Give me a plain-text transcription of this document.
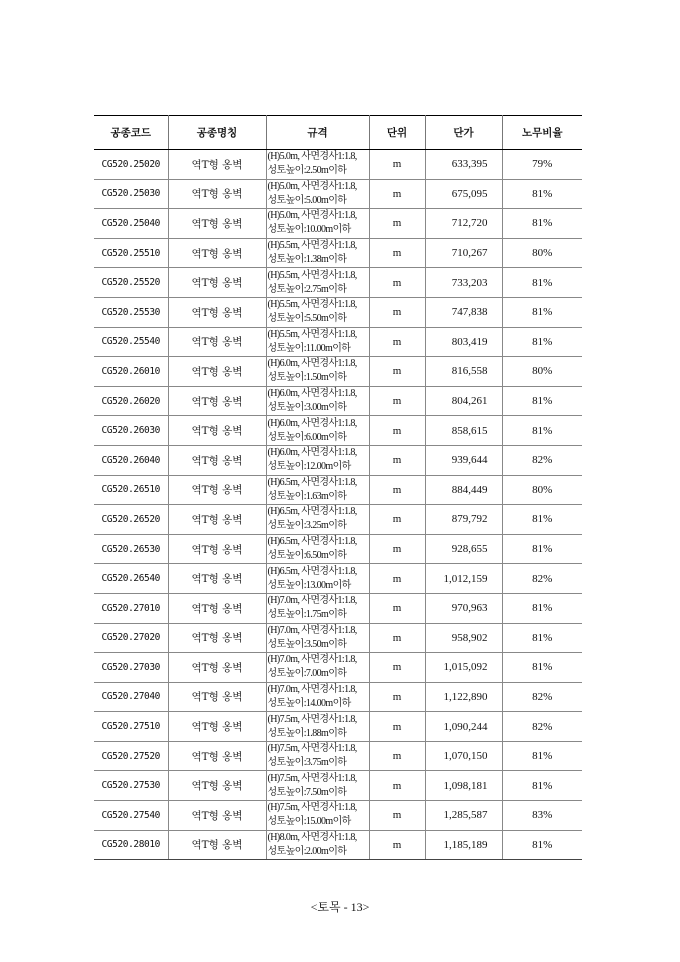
공종코드	공종명칭	규격	단위	단가	노무비율
CG520.25020	역T형 옹벽	(H)5.0m, 사면경사1:1.8,
성토높이:2.50m이하	m	633,395	79%
CG520.25030	역T형 옹벽	(H)5.0m, 사면경사1:1.8,
성토높이:5.00m이하	m	675,095	81%
CG520.25040	역T형 옹벽	(H)5.0m, 사면경사1:1.8,
성토높이:10.00m이하	m	712,720	81%
CG520.25510	역T형 옹벽	(H)5.5m, 사면경사1:1.8,
성토높이:1.38m이하	m	710,267	80%
CG520.25520	역T형 옹벽	(H)5.5m, 사면경사1:1.8,
성토높이:2.75m이하	m	733,203	81%
CG520.25530	역T형 옹벽	(H)5.5m, 사면경사1:1.8,
성토높이:5.50m이하	m	747,838	81%
CG520.25540	역T형 옹벽	(H)5.5m, 사면경사1:1.8,
성토높이:11.00m이하	m	803,419	81%
CG520.26010	역T형 옹벽	(H)6.0m, 사면경사1:1.8,
성토높이:1.50m이하	m	816,558	80%
CG520.26020	역T형 옹벽	(H)6.0m, 사면경사1:1.8,
성토높이:3.00m이하	m	804,261	81%
CG520.26030	역T형 옹벽	(H)6.0m, 사면경사1:1.8,
성토높이:6.00m이하	m	858,615	81%
CG520.26040	역T형 옹벽	(H)6.0m, 사면경사1:1.8,
성토높이:12.00m이하	m	939,644	82%
CG520.26510	역T형 옹벽	(H)6.5m, 사면경사1:1.8,
성토높이:1.63m이하	m	884,449	80%
CG520.26520	역T형 옹벽	(H)6.5m, 사면경사1:1.8,
성토높이:3.25m이하	m	879,792	81%
CG520.26530	역T형 옹벽	(H)6.5m, 사면경사1:1.8,
성토높이:6.50m이하	m	928,655	81%
CG520.26540	역T형 옹벽	(H)6.5m, 사면경사1:1.8,
성토높이:13.00m이하	m	1,012,159	82%
CG520.27010	역T형 옹벽	(H)7.0m, 사면경사1:1.8,
성토높이:1.75m이하	m	970,963	81%
CG520.27020	역T형 옹벽	(H)7.0m, 사면경사1:1.8,
성토높이:3.50m이하	m	958,902	81%
CG520.27030	역T형 옹벽	(H)7.0m, 사면경사1:1.8,
성토높이:7.00m이하	m	1,015,092	81%
CG520.27040	역T형 옹벽	(H)7.0m, 사면경사1:1.8,
성토높이:14.00m이하	m	1,122,890	82%
CG520.27510	역T형 옹벽	(H)7.5m, 사면경사1:1.8,
성토높이:1.88m이하	m	1,090,244	82%
CG520.27520	역T형 옹벽	(H)7.5m, 사면경사1:1.8,
성토높이:3.75m이하	m	1,070,150	81%
CG520.27530	역T형 옹벽	(H)7.5m, 사면경사1:1.8,
성토높이:7.50m이하	m	1,098,181	81%
CG520.27540	역T형 옹벽	(H)7.5m, 사면경사1:1.8,
성토높이:15.00m이하	m	1,285,587	83%
CG520.28010	역T형 옹벽	(H)8.0m, 사면경사1:1.8,
성토높이:2.00m이하	m	1,185,189	81%
<토목 - 13>
